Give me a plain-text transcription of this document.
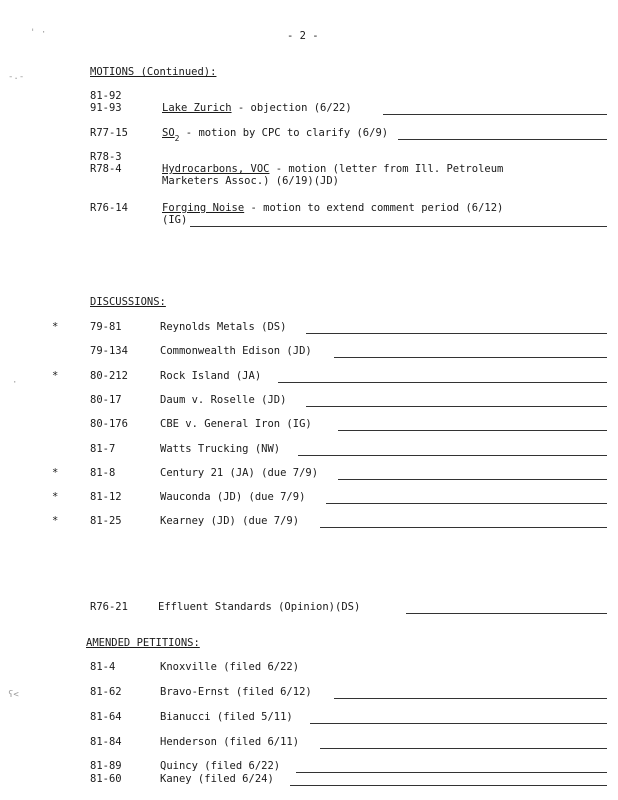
' ·
-.-
·
ʕ<
- 2 -
MOTIONS (Continued):
81-92
91-93	Lake Zurich - objection (6/22)
R77-15	$SO_2$ - motion by CPC to clarify (6/9)
R78-3
R78-4	Hydrocarbons, VOC - motion (letter from Ill. Petroleum
Marketers Assoc.) (6/19)(JD)
R76-14	Forging Noise - motion to extend comment period (6/12)
(IG)
DISCUSSIONS:
*	79-81	Reynolds Metals (DS)
79-134	Commonwealth Edison (JD)
*	80-212	Rock Island (JA)
80-17	Daum v. Roselle (JD)
80-176	CBE v. General Iron (IG)
81-7	Watts Trucking (NW)
*	81-8	Century 21 (JA) (due 7/9)
*	81-12	Wauconda (JD) (due 7/9)
*	81-25	Kearney (JD) (due 7/9)
R76-21	Effluent Standards (Opinion)(DS)
AMENDED PETITIONS:
81-4	Knoxville (filed 6/22)
81-62	Bravo-Ernst (filed 6/12)
81-64	Bianucci (filed 5/11)
81-84	Henderson (filed 6/11)
81-89	Quincy (filed 6/22)
81-60	Kaney (filed 6/24)
